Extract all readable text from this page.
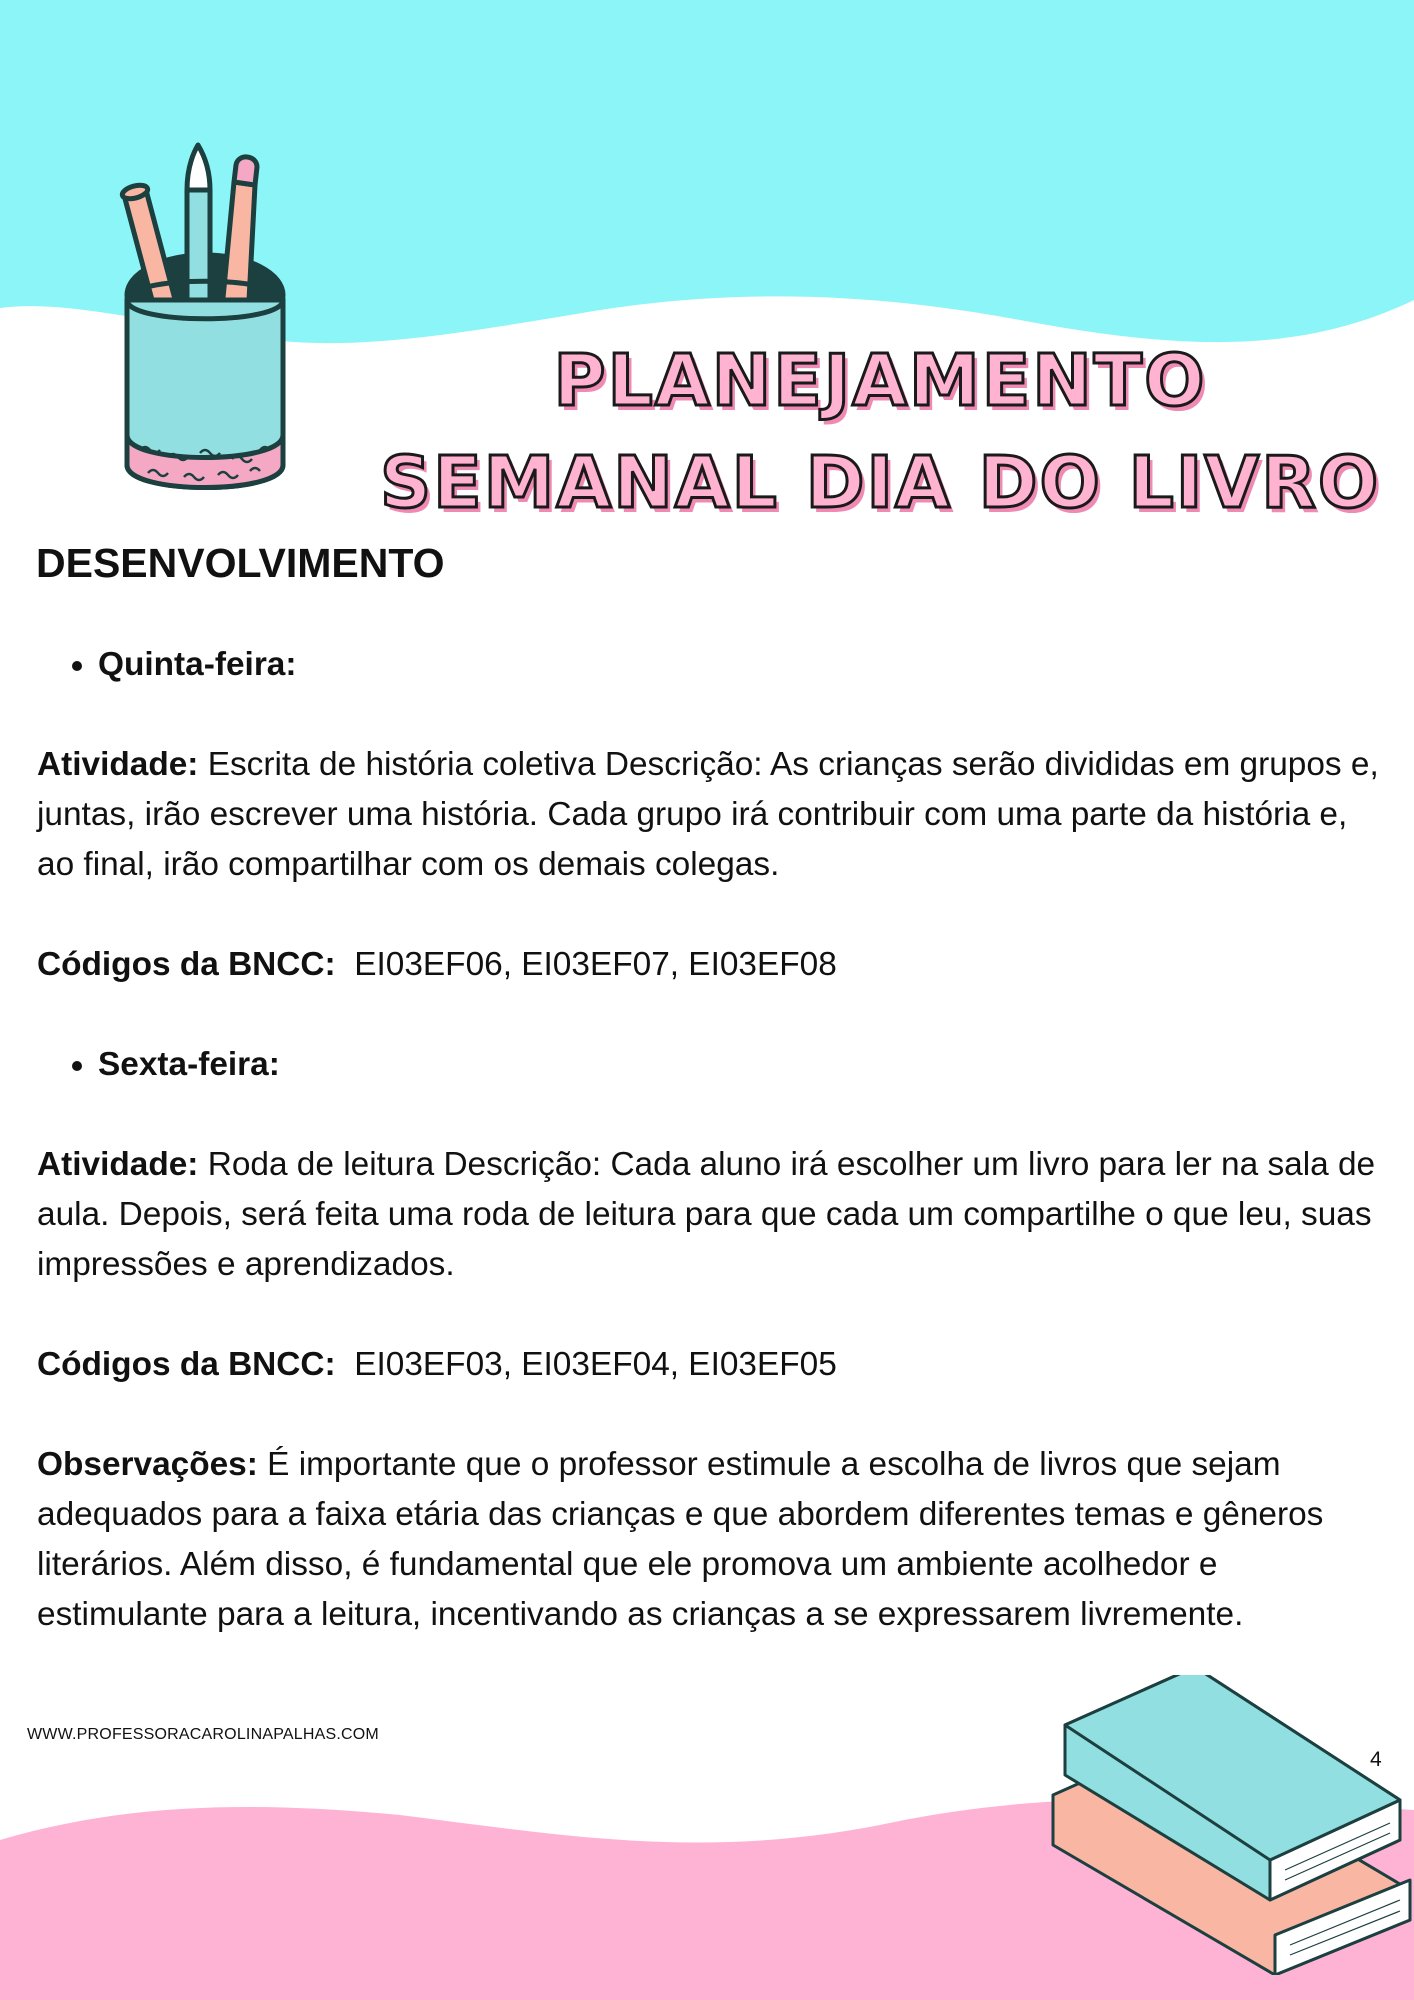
PLANEJAMENTO
SEMANAL DIA DO LIVRO
DESENVOLVIMENTO
• Quinta-feira:

Atividade: Escrita de história coletiva Descrição: As crianças serão divididas em grupos e, juntas, irão escrever uma história. Cada grupo irá contribuir com uma parte da história e, ao final, irão compartilhar com os demais colegas.

Códigos da BNCC:  EI03EF06, EI03EF07, EI03EF08

• Sexta-feira:

Atividade: Roda de leitura Descrição: Cada aluno irá escolher um livro para ler na sala de aula. Depois, será feita uma roda de leitura para que cada um compartilhe o que leu, suas impressões e aprendizados.

Códigos da BNCC:  EI03EF03, EI03EF04, EI03EF05

Observações: É importante que o professor estimule a escolha de livros que sejam adequados para a faixa etária das crianças e que abordem diferentes temas e gêneros literários. Além disso, é fundamental que ele promova um ambiente acolhedor e estimulante para a leitura, incentivando as crianças a se expressarem livremente.

WWW.PROFESSORACAROLINAPALHAS.COM
4
